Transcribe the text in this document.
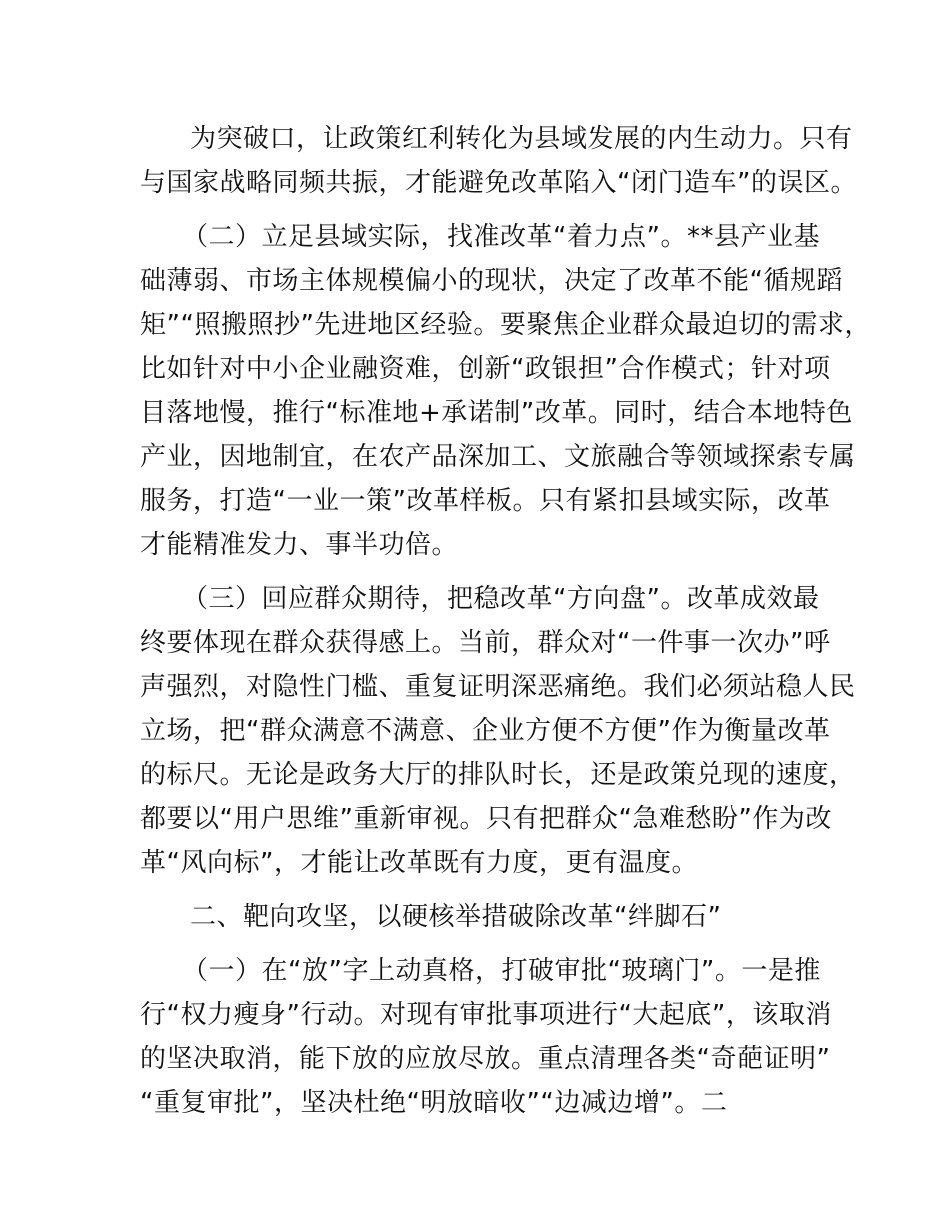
为突破口，让政策红利转化为县域发展的内生动力。只有
与国家战略同频共振，才能避免改革陷入“闭门造车”的误区。
（二）立足县域实际，找准改革“着力点”。**县产业基
础薄弱、市场主体规模偏小的现状，决定了改革不能“循规蹈
矩”“照搬照抄”先进地区经验。要聚焦企业群众最迫切的需求，
比如针对中小企业融资难，创新“政银担”合作模式；针对项
目落地慢，推行“标准地+承诺制”改革。同时，结合本地特色
产业，因地制宜，在农产品深加工、文旅融合等领域探索专属
服务，打造“一业一策”改革样板。只有紧扣县域实际，改革
才能精准发力、事半功倍。
（三）回应群众期待，把稳改革“方向盘”。改革成效最
终要体现在群众获得感上。当前，群众对“一件事一次办”呼
声强烈，对隐性门槛、重复证明深恶痛绝。我们必须站稳人民
立场，把“群众满意不满意、企业方便不方便”作为衡量改革
的标尺。无论是政务大厅的排队时长，还是政策兑现的速度，
都要以“用户思维”重新审视。只有把群众“急难愁盼”作为改
革“风向标”，才能让改革既有力度，更有温度。
二、靶向攻坚，以硬核举措破除改革“绊脚石”
（一）在“放”字上动真格，打破审批“玻璃门”。一是推
行“权力瘦身”行动。对现有审批事项进行“大起底”，该取消
的坚决取消，能下放的应放尽放。重点清理各类“奇葩证明”
“重复审批”，坚决杜绝“明放暗收”“边减边增”。二
